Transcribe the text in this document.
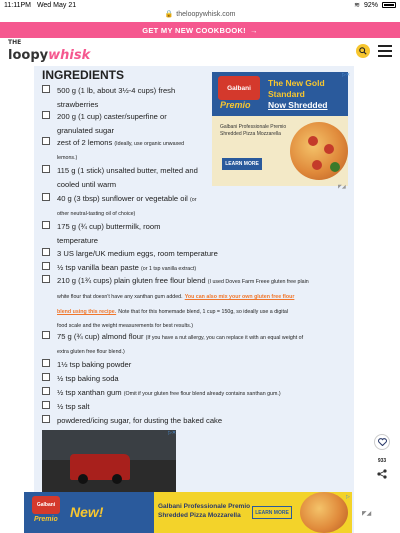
11:11PM Wed May 21	≋ 92%
🔒 theloopywhisk.com
GET MY NEW COOKBOOK! →
THE
loopywhisk
INGREDIENTS
500 g (1 lb, about 3½-4 cups) fresh
strawberries
200 g (1 cup) caster/superfine or
granulated sugar
zest of 2 lemons (Ideally, use organic unwaxed
lemons.)
115 g (1 stick) unsalted butter, melted and
cooled until warm
40 g (3 tbsp) sunflower or vegetable oil (or
other neutral-tasting oil of choice)
175 g (¾ cup) buttermilk, room
temperature
3 US large/UK medium eggs, room temperature
½ tsp vanilla bean paste (or 1 tsp vanilla extract)
210 g (1¾ cups) plain gluten free flour blend (I used Doves Farm Freee gluten free plain
white flour that doesn't have any xanthan gum added. You can also mix your own gluten free flour
blend using this recipe. Note that for this homemade blend, 1 cup = 150g, so ideally use a digital
food scale and the weight measurements for best results.)
75 g (¾ cup) almond flour (If you have a nut allergy, you can replace it with an equal weight of
extra gluten free flour blend.)
1½ tsp baking powder
½ tsp baking soda
½ tsp xanthan gum (Omit if your gluten free flour blend already contains xanthan gum.)
½ tsp salt
powdered/icing sugar, for dusting the baked cake
Galbani
Premio
The New Gold
Standard
Now Shredded
Galbani Professionale Premio Shredded Pizza Mozzarella
LEARN MORE
▷✕
◤◢
▷✕
933
Galbani
Premio New!	Galbani Professionale Premio Shredded Pizza Mozzarella	LEARN MORE
▷
◤◢
